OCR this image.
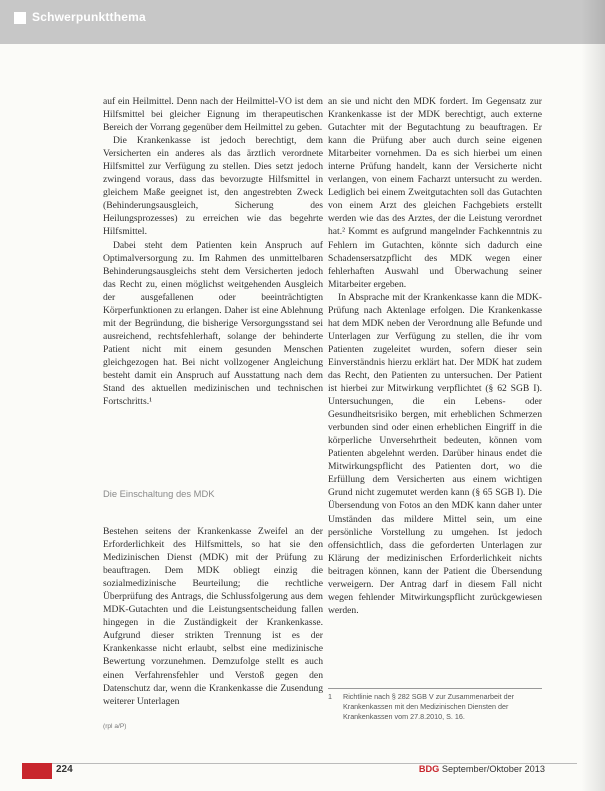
Schwerpunktthema

auf ein Heilmittel. Denn nach der Heilmittel-VO ist dem Hilfsmittel bei gleicher Eignung im therapeutischen Bereich der Vorrang gegenüber dem Heilmittel zu geben.

Die Krankenkasse ist jedoch berechtigt, dem Versicherten ein anderes als das ärztlich verordnete Hilfsmittel zur Verfügung zu stellen. Dies setzt jedoch zwingend voraus, dass das bevorzugte Hilfsmittel in gleichem Maße geeignet ist, den angestrebten Zweck (Behinderungsausgleich, Sicherung des Heilungsprozesses) zu erreichen wie das begehrte Hilfsmittel.

Dabei steht dem Patienten kein Anspruch auf Optimalversorgung zu. Im Rahmen des unmittelbaren Behinderungsausgleichs steht dem Versicherten jedoch das Recht zu, einen möglichst weitgehenden Ausgleich der ausgefallenen oder beeinträchtigten Körperfunktionen zu erlangen. Daher ist eine Ablehnung mit der Begründung, die bisherige Versorgungsstand sei ausreichend, rechtsfehlerhaft, solange der behinderte Patient nicht mit einem gesunden Menschen gleichgezogen hat. Bei nicht vollzogener Angleichung besteht damit ein Anspruch auf Ausstattung nach dem Stand des aktuellen medizinischen und technischen Fortschritts.¹

Die Einschaltung des MDK

Bestehen seitens der Krankenkasse Zweifel an der Erforderlichkeit des Hilfsmittels, so hat sie den Medizinischen Dienst (MDK) mit der Prüfung zu beauftragen. Dem MDK obliegt einzig die sozialmedizinische Beurteilung; die rechtliche Überprüfung des Antrags, die Schlussfolgerung aus dem MDK-Gutachten und die Leistungsentscheidung fallen hingegen in die Zuständigkeit der Krankenkasse. Aufgrund dieser strikten Trennung ist es der Krankenkasse nicht erlaubt, selbst eine medizinische Bewertung vorzunehmen. Demzufolge stellt es auch einen Verfahrensfehler und Verstoß gegen den Datenschutz dar, wenn die Krankenkasse die Zusendung weiterer Unterlagen

an sie und nicht den MDK fordert. Im Gegensatz zur Krankenkasse ist der MDK berechtigt, auch externe Gutachter mit der Begutachtung zu beauftragen. Er kann die Prüfung aber auch durch seine eigenen Mitarbeiter vornehmen. Da es sich hierbei um einen interne Prüfung handelt, kann der Versicherte nicht verlangen, von einem Facharzt untersucht zu werden. Lediglich bei einem Zweitgutachten soll das Gutachten von einem Arzt des gleichen Fachgebiets erstellt werden wie das des Arztes, der die Leistung verordnet hat.² Kommt es aufgrund mangelnder Fachkenntnis zu Fehlern im Gutachten, könnte sich dadurch eine Schadensersatzpflicht des MDK wegen einer fehlerhaften Auswahl und Überwachung seiner Mitarbeiter ergeben.

In Absprache mit der Krankenkasse kann die MDK-Prüfung nach Aktenlage erfolgen. Die Krankenkasse hat dem MDK neben der Verordnung alle Befunde und Unterlagen zur Verfügung zu stellen, die ihr vom Patienten zugeleitet wurden, sofern dieser sein Einverständnis hierzu erklärt hat. Der MDK hat zudem das Recht, den Patienten zu untersuchen. Der Patient ist hierbei zur Mitwirkung verpflichtet (§ 62 SGB I). Untersuchungen, die ein Lebens- oder Gesundheitsrisiko bergen, mit erheblichen Schmerzen verbunden sind oder einen erheblichen Eingriff in die körperliche Unversehrtheit bedeuten, können vom Patienten abgelehnt werden. Darüber hinaus endet die Mitwirkungspflicht des Patienten dort, wo die Erfüllung dem Versicherten aus einem wichtigen Grund nicht zugemutet werden kann (§ 65 SGB I). Die Übersendung von Fotos an den MDK kann daher unter Umständen das mildere Mittel sein, um eine persönliche Vorstellung zu umgehen. Ist jedoch offensichtlich, dass die geforderten Unterlagen zur Klärung der medizinischen Erforderlichkeit nichts beitragen können, kann der Patient die Übersendung verweigern. Der Antrag darf in diesem Fall nicht wegen fehlender Mitwirkungspflicht zurückgewiesen werden.

1 Richtlinie nach § 282 SGB V zur Zusammenarbeit der Krankenkassen mit den Medizinischen Diensten der Krankenkassen vom 27.8.2010, S. 16.
(rpl a/P)
224	BDG September/Oktober 2013
